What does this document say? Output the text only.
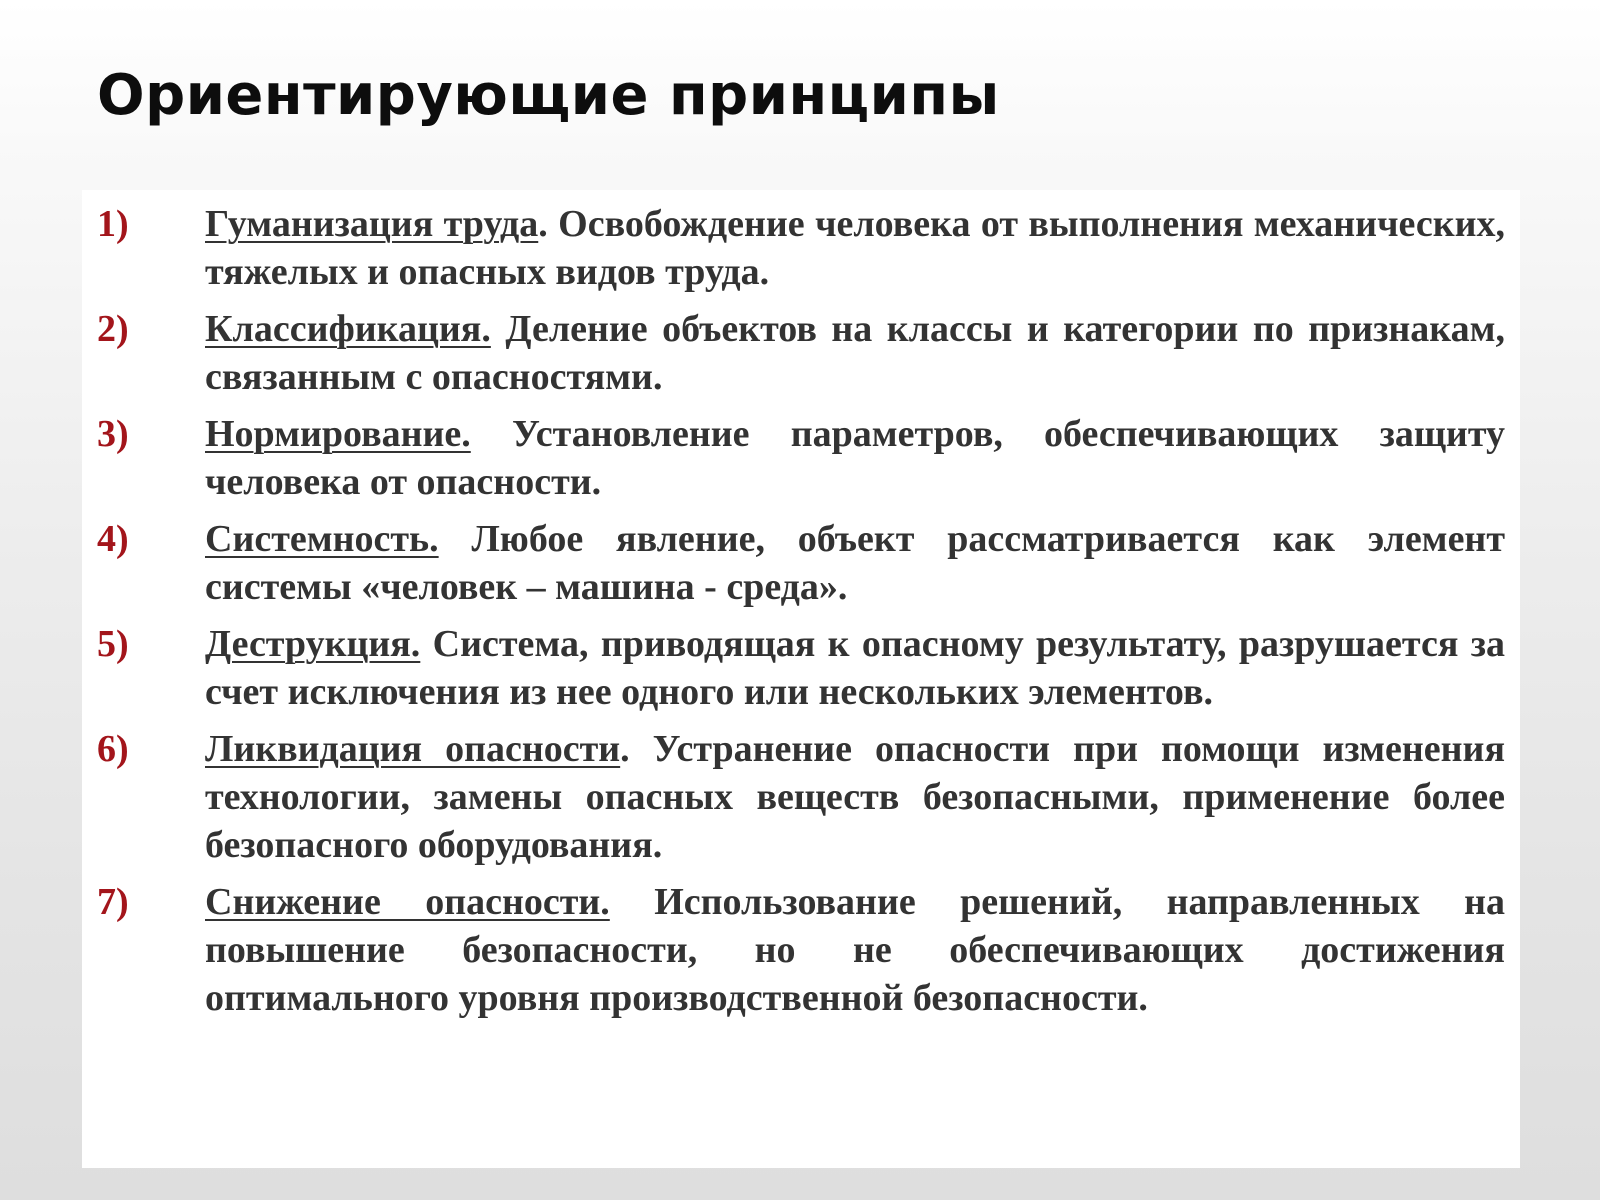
Ориентирующие принципы
1) Гуманизация труда. Освобождение человека от выполнения механических, тяжелых и опасных видов труда.

2) Классификация. Деление объектов на классы и категории по признакам, связанным с опасностями.

3) Нормирование. Установление параметров, обеспечивающих защиту человека от опасности.

4) Системность. Любое явление, объект рассматривается как элемент системы «человек – машина - среда».

5) Деструкция. Система, приводящая к опасному результату, разрушается за счет исключения из нее одного или нескольких элементов.

6) Ликвидация опасности. Устранение опасности при помощи изменения технологии, замены опасных веществ безопасными, применение более безопасного оборудования.

7) Снижение опасности. Использование решений, направленных на повышение безопасности, но не обеспечивающих достижения оптимального уровня производственной безопасности.
